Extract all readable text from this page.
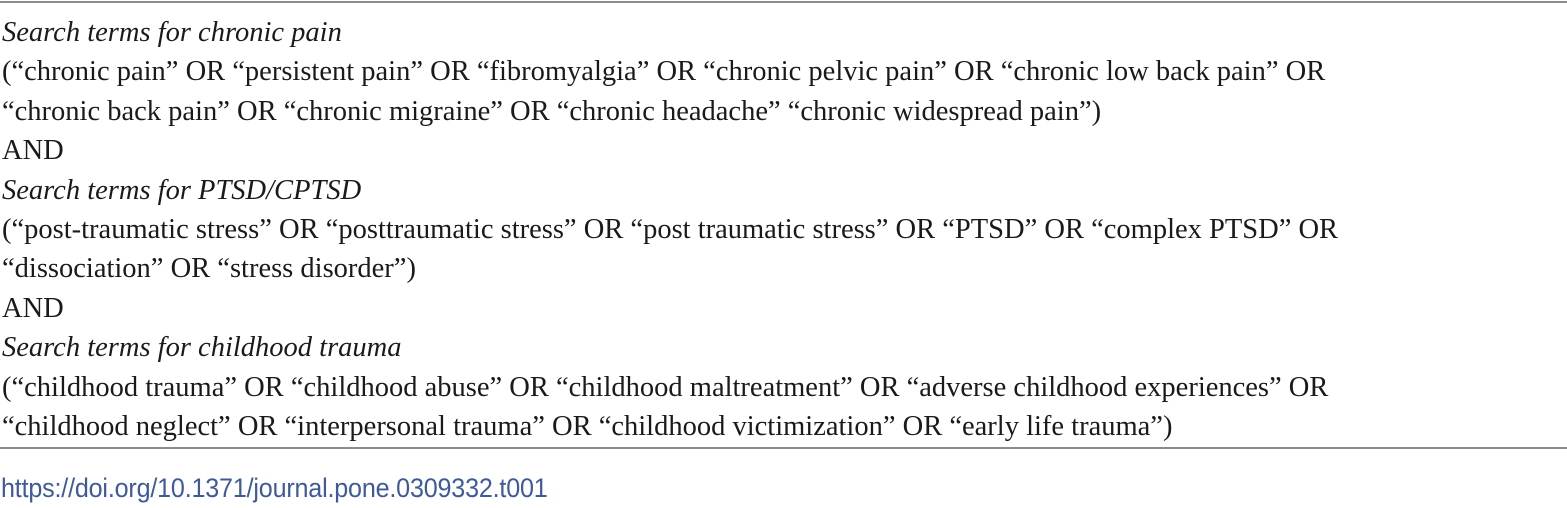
Search terms for chronic pain
(“chronic pain” OR “persistent pain” OR “fibromyalgia” OR “chronic pelvic pain” OR “chronic low back pain” OR
“chronic back pain” OR “chronic migraine” OR “chronic headache” “chronic widespread pain”)
AND
Search terms for PTSD/CPTSD
(“post-traumatic stress” OR “posttraumatic stress” OR “post traumatic stress” OR “PTSD” OR “complex PTSD” OR
“dissociation” OR “stress disorder”)
AND
Search terms for childhood trauma
(“childhood trauma” OR “childhood abuse” OR “childhood maltreatment” OR “adverse childhood experiences” OR
“childhood neglect” OR “interpersonal trauma” OR “childhood victimization” OR “early life trauma”)
https://doi.org/10.1371/journal.pone.0309332.t001
